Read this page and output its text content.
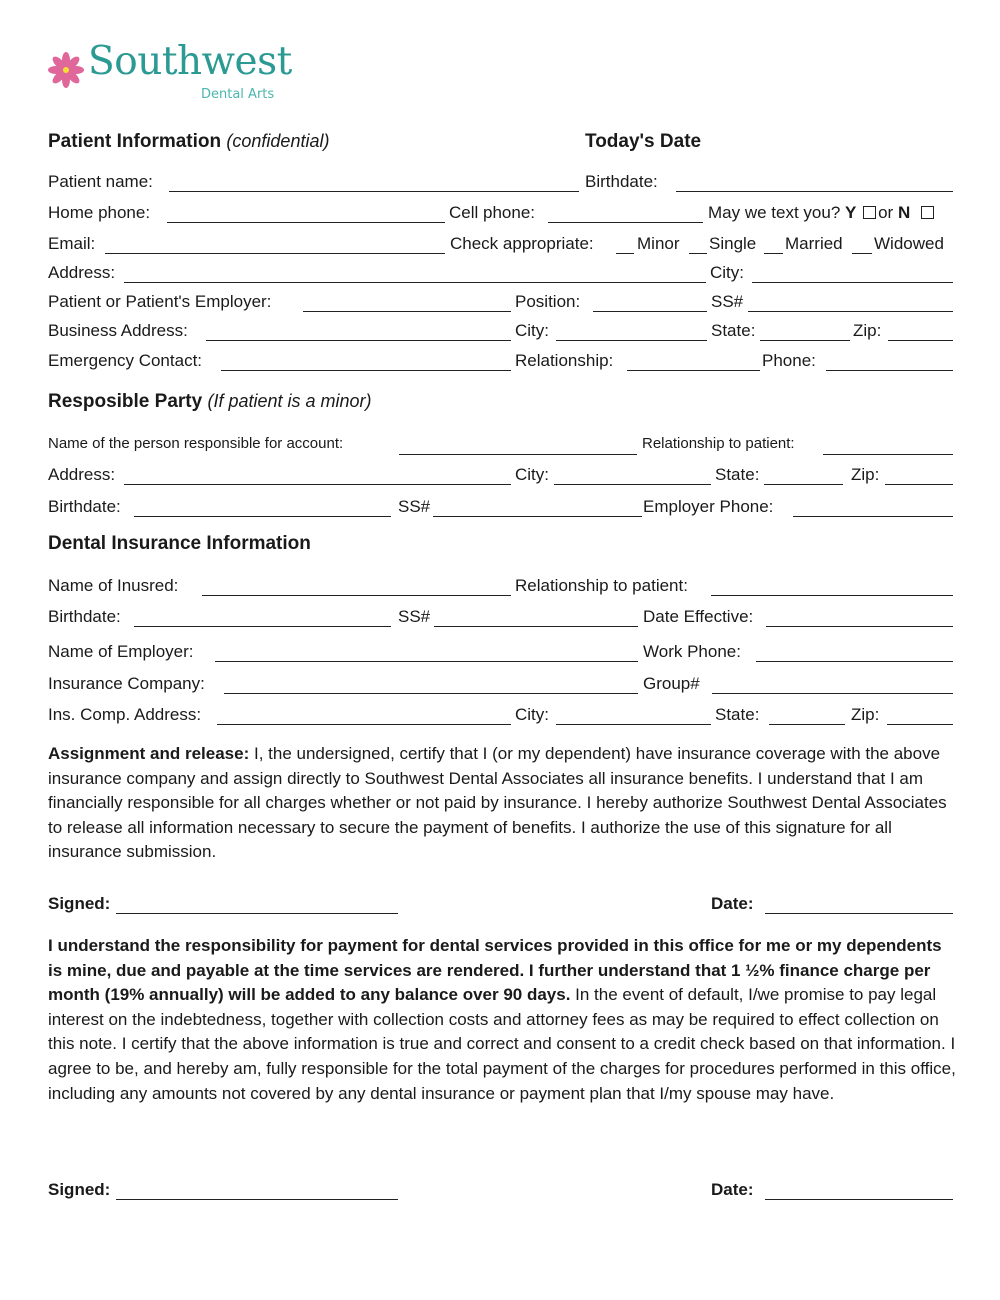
Southwest
Dental Arts
Patient Information (confidential)	Today's Date
Patient name:	Birthdate:
Home phone:	Cell phone:	May we text you? Y or N
Email:	Check appropriate:	Minor Single Married Widowed
Address:	City:
Patient or Patient's Employer:	Position:	SS#
Business Address:	City:	State:	Zip:
Emergency Contact:	Relationship:	Phone:
Resposible Party (If patient is a minor)
Name of the person responsible for account:	Relationship to patient:
Address:	City:	State:	Zip:
Birthdate:	SS#	Employer Phone:
Dental Insurance Information
Name of Inusred:	Relationship to patient:
Birthdate:	SS#	Date Effective:
Name of Employer:	Work Phone:
Insurance Company:	Group#
Ins. Comp. Address:	City:	State:	Zip:
Assignment and release: I, the undersigned, certify that I (or my dependent) have insurance coverage with the above insurance company and assign directly to Southwest Dental Associates all insurance benefits. I understand that I am financially responsible for all charges whether or not paid by insurance. I hereby authorize Southwest Dental Associates to release all information necessary to secure the payment of benefits. I authorize the use of this signature for all insurance submission.
Signed:	Date:
I understand the responsibility for payment for dental services provided in this office for me or my dependents is mine, due and payable at the time services are rendered. I further understand that 1 ½% finance charge per month (19% annually) will be added to any balance over 90 days. In the event of default, I/we promise to pay legal interest on the indebtedness, together with collection costs and attorney fees as may be required to effect collection on this note. I certify that the above information is true and correct and consent to a credit check based on that information. I agree to be, and hereby am, fully responsible for the total payment of the charges for procedures performed in this office, including any amounts not covered by any dental insurance or payment plan that I/my spouse may have.
Signed:	Date:
